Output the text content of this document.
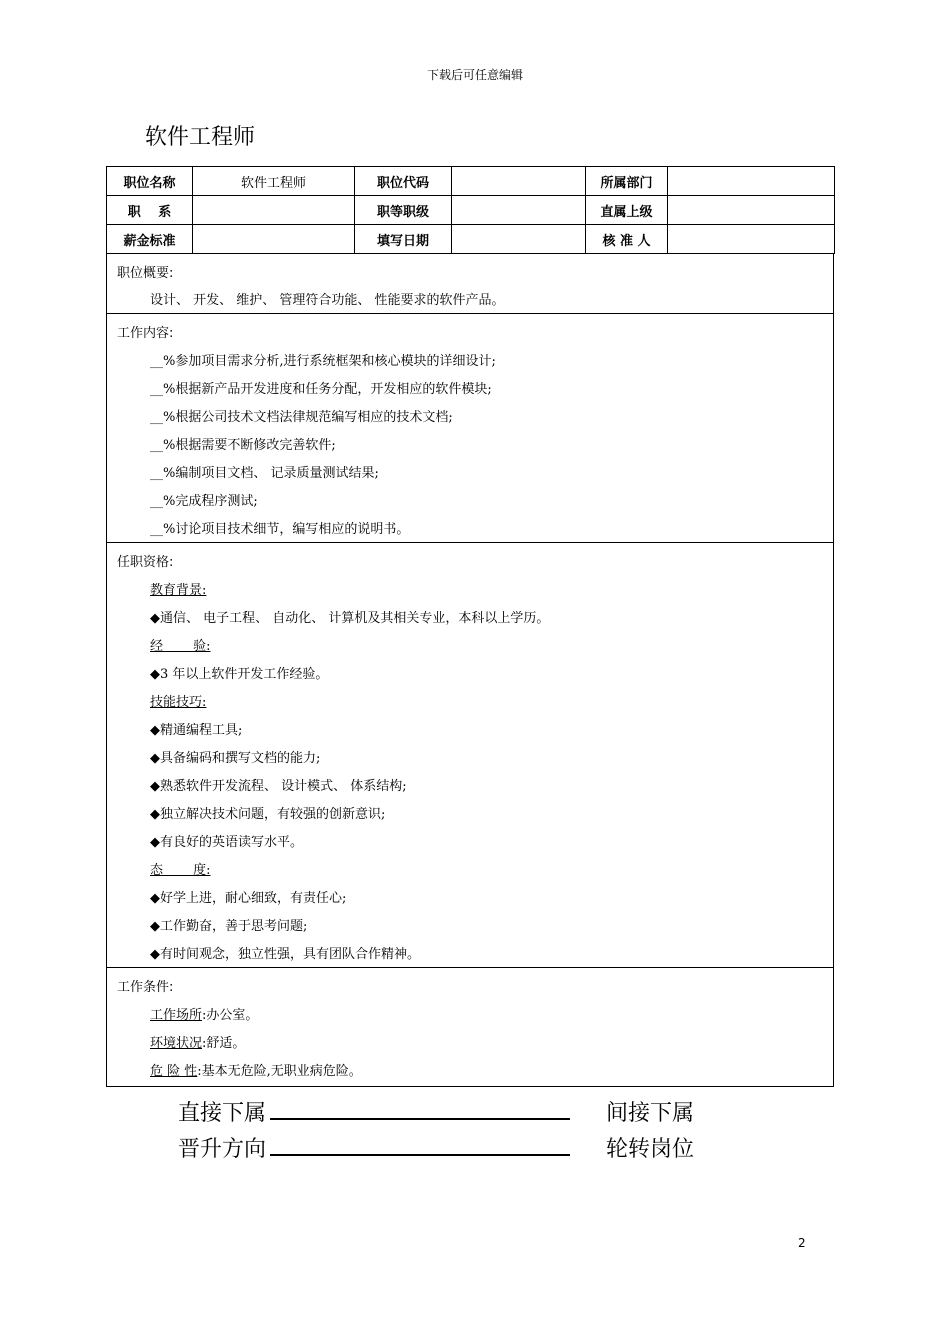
下载后可任意编辑
软件工程师
职位名称	软件工程师	职位代码		所属部门	
职　 系		职等职级		直属上级	
薪金标准		填写日期		核 准 人	
职位概要:
设计、 开发、 维护、 管理符合功能、 性能要求的软件产品。
工作内容:
__%参加项目需求分析,进行系统框架和核心模块的详细设计;
__%根据新产品开发进度和任务分配，开发相应的软件模块;
__%根据公司技术文档法律规范编写相应的技术文档;
__%根据需要不断修改完善软件;
__%编制项目文档、 记录质量测试结果;
__%完成程序测试;
__%讨论项目技术细节，编写相应的说明书。
任职资格:
教育背景:
◆通信、 电子工程、 自动化、 计算机及其相关专业，本科以上学历。
经　　 验:
◆3 年以上软件开发工作经验。
技能技巧:
◆精通编程工具;
◆具备编码和撰写文档的能力;
◆熟悉软件开发流程、 设计模式、 体系结构;
◆独立解决技术问题，有较强的创新意识;
◆有良好的英语读写水平。
态　　 度:
◆好学上进，耐心细致，有责任心;
◆工作勤奋，善于思考问题;
◆有时间观念，独立性强，具有团队合作精神。
工作条件:
工作场所:办公室。
环境状况:舒适。
危 险 性:基本无危险,无职业病危险。
直接下属	间接下属
晋升方向	轮转岗位
2
